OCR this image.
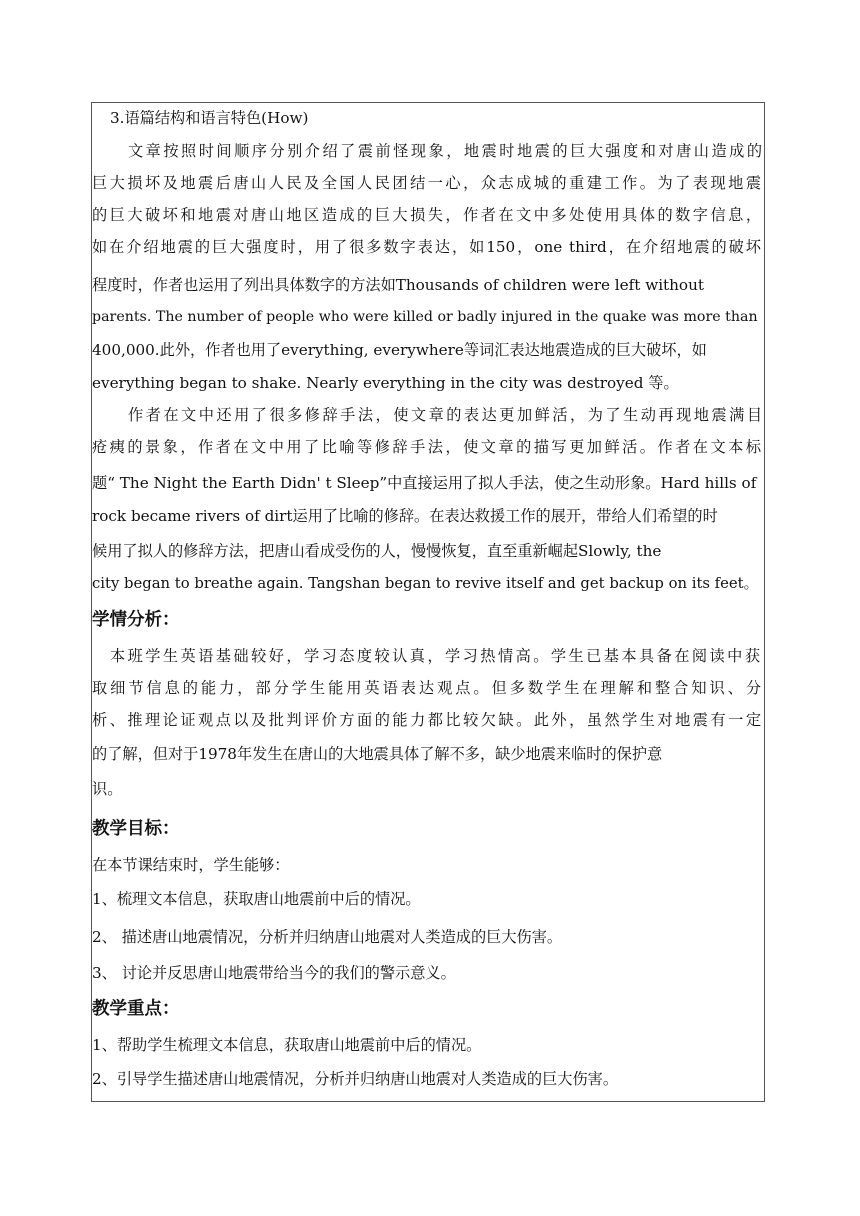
3.语篇结构和语言特色(How)
文章按照时间顺序分别介绍了震前怪现象，地震时地震的巨大强度和对唐山造成的
巨大损坏及地震后唐山人民及全国人民团结一心，众志成城的重建工作。为了表现地震
的巨大破坏和地震对唐山地区造成的巨大损失，作者在文中多处使用具体的数字信息，
如在介绍地震的巨大强度时，用了很多数字表达，如150，one third，在介绍地震的破坏
程度时，作者也运用了列出具体数字的方法如Thousands of children were left without
parents. The number of people who were killed or badly injured in the quake was more than
400,000.此外，作者也用了everything, everywhere等词汇表达地震造成的巨大破坏，如
everything began to shake. Nearly everything in the city was destroyed 等。
作者在文中还用了很多修辞手法，使文章的表达更加鲜活，为了生动再现地震满目
疮痍的景象，作者在文中用了比喻等修辞手法，使文章的描写更加鲜活。作者在文本标
题“ The Night the Earth Didn' t Sleep”中直接运用了拟人手法，使之生动形象。Hard hills of
rock became rivers of dirt运用了比喻的修辞。在表达救援工作的展开，带给人们希望的时
候用了拟人的修辞方法，把唐山看成受伤的人，慢慢恢复，直至重新崛起Slowly, the
city began to breathe again. Tangshan began to revive itself and get backup on its feet。
学情分析：
本班学生英语基础较好，学习态度较认真，学习热情高。学生已基本具备在阅读中获
取细节信息的能力，部分学生能用英语表达观点。但多数学生在理解和整合知识、分
析、推理论证观点以及批判评价方面的能力都比较欠缺。此外，虽然学生对地震有一定
的了解，但对于1978年发生在唐山的大地震具体了解不多，缺少地震来临时的保护意
识。
教学目标：
在本节课结束时，学生能够：
1、梳理文本信息，获取唐山地震前中后的情况。
2、 描述唐山地震情况，分析并归纳唐山地震对人类造成的巨大伤害。
3、 讨论并反思唐山地震带给当今的我们的警示意义。
教学重点：
1、帮助学生梳理文本信息，获取唐山地震前中后的情况。
2、引导学生描述唐山地震情况，分析并归纳唐山地震对人类造成的巨大伤害。
